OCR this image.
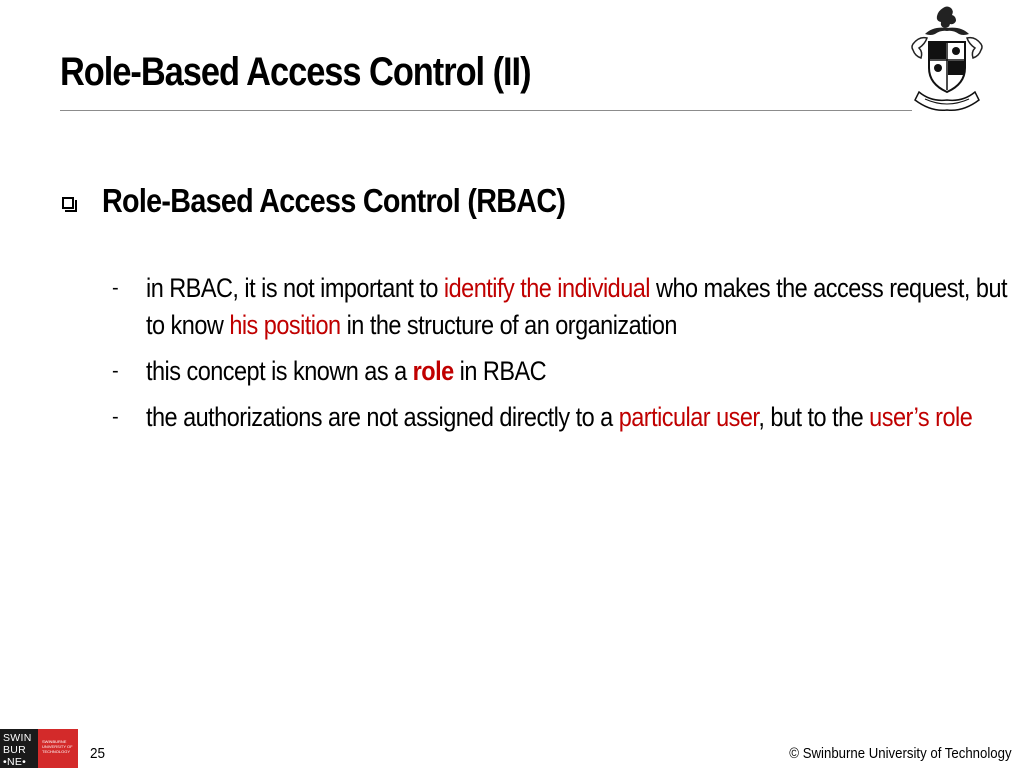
Role-Based Access Control (II)
Role-Based Access Control (RBAC)
- in RBAC, it is not important to identify the individual who makes the access request, but to know his position in the structure of an organization
- this concept is known as a role in RBAC
- the authorizations are not assigned directly to a particular user, but to the user’s role
SWIN
BUR
•NE•
SWINBURNE
UNIVERSITY OF
TECHNOLOGY 25	© Swinburne University of Technology
